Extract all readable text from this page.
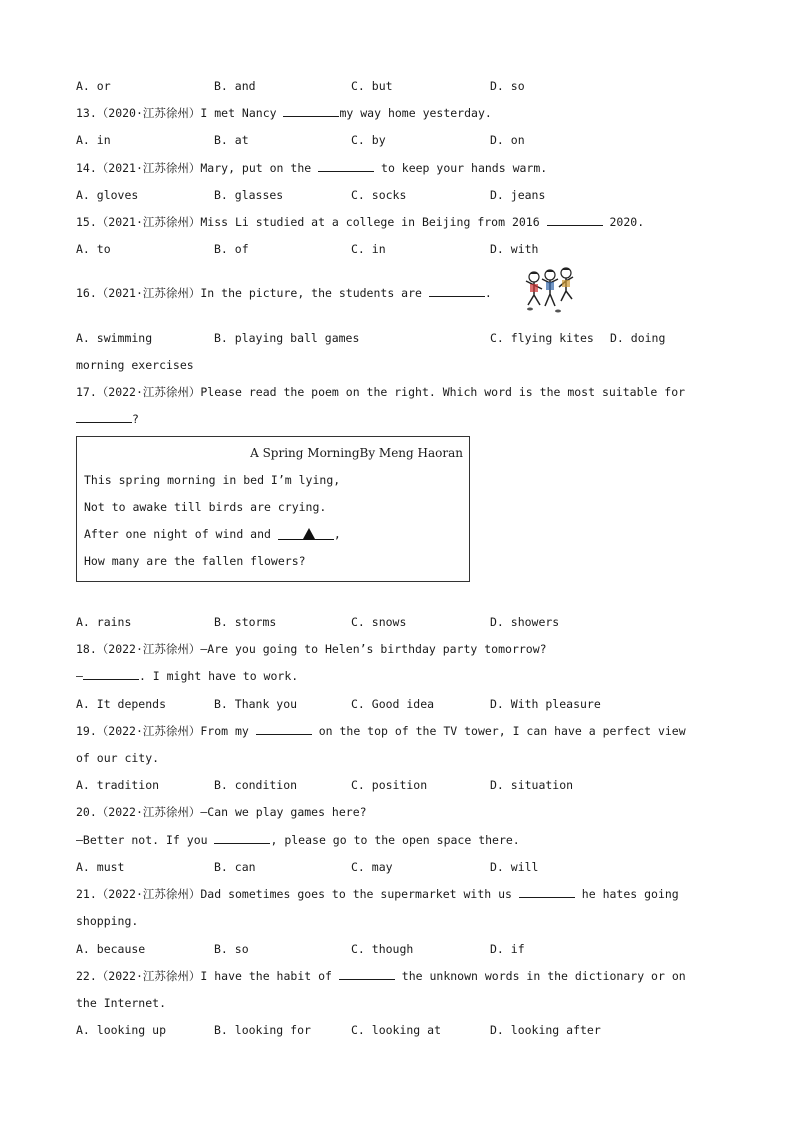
A. or	B. and	C. but	D. so
13.（2020·江苏徐州）I met Nancy	my way home yesterday.
A. in	B. at	C. by	D. on
14.（2021·江苏徐州）Mary, put on the	to keep your hands warm.
A. gloves	B. glasses	C. socks	D. jeans
15.（2021·江苏徐州）Miss Li studied at a college in Beijing from 2016	2020.
A. to	B. of	C. in	D. with
16.（2021·江苏徐州）In the picture, the students are	.
A. swimming	B. playing ball games	C. flying kites D. doing
morning exercises
17.（2022·江苏徐州）Please read the poem on the right. Which word is the most suitable for
?
A Spring MorningBy Meng Haoran
This spring morning in bed I’m lying,
Not to awake till birds are crying.
After one night of wind and	,
How many are the fallen flowers?
A. rains	B. storms	C. snows	D. showers
18.（2022·江苏徐州）—Are you going to Helen’s birthday party tomorrow?
—	. I might have to work.
A. It depends	B. Thank you	C. Good idea	D. With pleasure
19.（2022·江苏徐州）From my	on the top of the TV tower, I can have a perfect view
of our city.
A. tradition	B. condition	C. position	D. situation
20.（2022·江苏徐州）—Can we play games here?
—Better not. If you	, please go to the open space there.
A. must	B. can	C. may	D. will
21.（2022·江苏徐州）Dad sometimes goes to the supermarket with us	he hates going
shopping.
A. because	B. so	C. though	D. if
22.（2022·江苏徐州）I have the habit of	the unknown words in the dictionary or on
the Internet.
A. looking up	B. looking for	C. looking at	D. looking after
